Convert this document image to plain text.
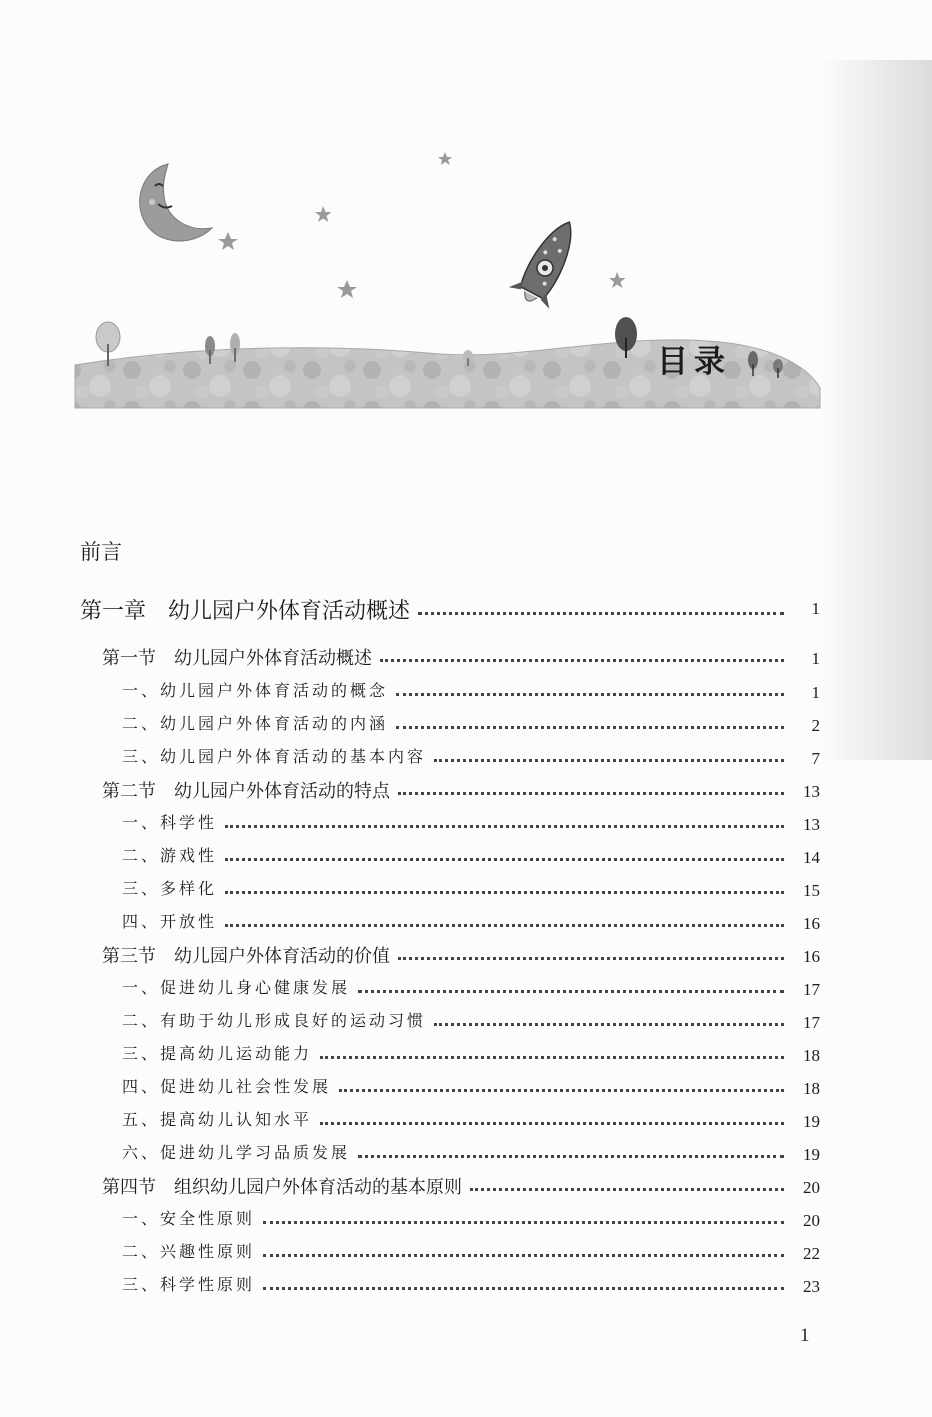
目录
前言
第一章　幼儿园户外体育活动概述	1
第一节　幼儿园户外体育活动概述	1
一、幼儿园户外体育活动的概念	1
二、幼儿园户外体育活动的内涵	2
三、幼儿园户外体育活动的基本内容	7
第二节　幼儿园户外体育活动的特点	13
一、科学性	13
二、游戏性	14
三、多样化	15
四、开放性	16
第三节　幼儿园户外体育活动的价值	16
一、促进幼儿身心健康发展	17
二、有助于幼儿形成良好的运动习惯	17
三、提高幼儿运动能力	18
四、促进幼儿社会性发展	18
五、提高幼儿认知水平	19
六、促进幼儿学习品质发展	19
第四节　组织幼儿园户外体育活动的基本原则	20
一、安全性原则	20
二、兴趣性原则	22
三、科学性原则	23
1
